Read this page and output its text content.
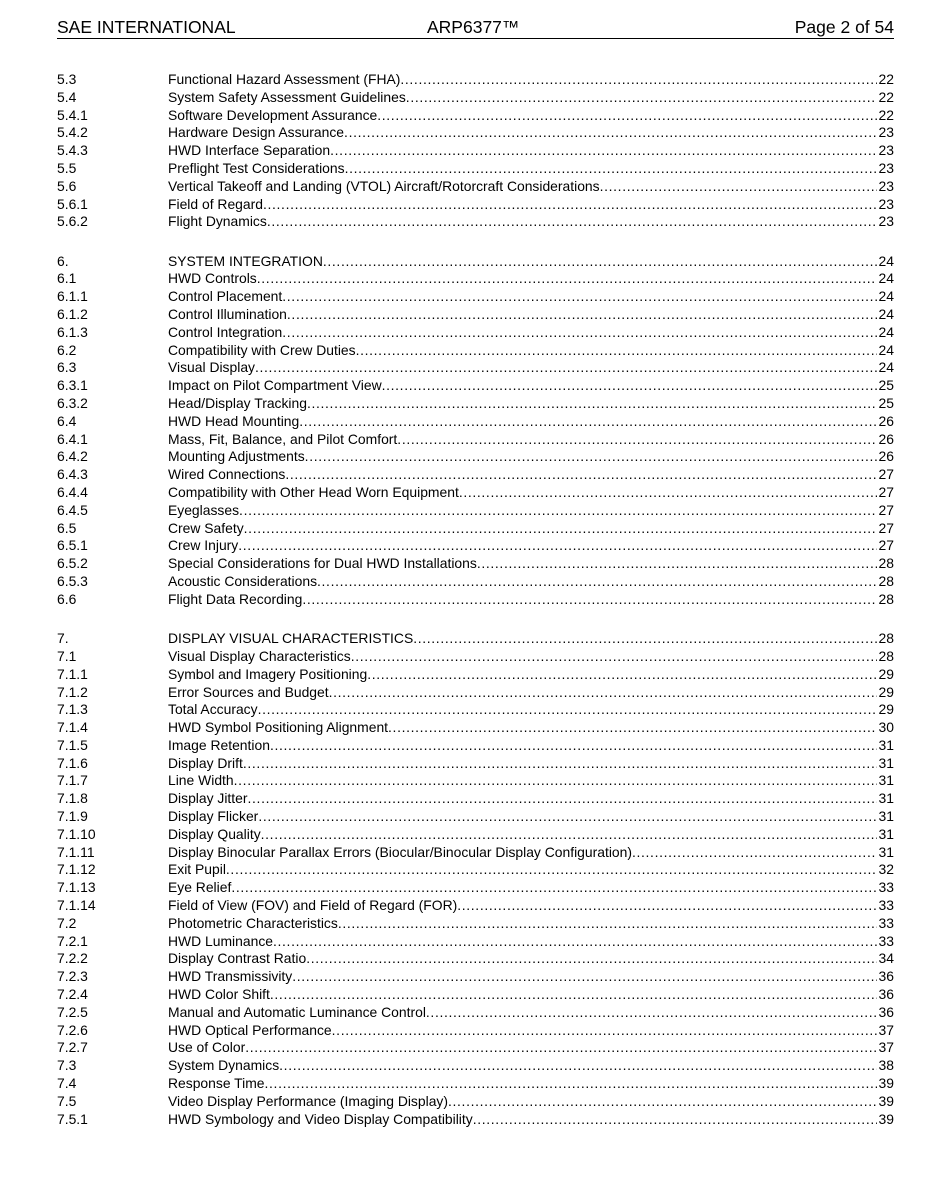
SAE INTERNATIONAL	ARP6377™	Page 2 of 54
5.3	Functional Hazard Assessment (FHA) . . .	22
5.4	System Safety Assessment Guidelines . . .	22
5.4.1	Software Development Assurance . . .	22
5.4.2	Hardware Design Assurance . . .	23
5.4.3	HWD Interface Separation . . .	23
5.5	Preflight Test Considerations . . .	23
5.6	Vertical Takeoff and Landing (VTOL) Aircraft/Rotorcraft Considerations . . .	23
5.6.1	Field of Regard . . .	23
5.6.2	Flight Dynamics . . .	23
6.	SYSTEM INTEGRATION . . .	24
6.1	HWD Controls . . .	24
6.1.1	Control Placement . . .	24
6.1.2	Control Illumination . . .	24
6.1.3	Control Integration . . .	24
6.2	Compatibility with Crew Duties . . .	24
6.3	Visual Display . . .	24
6.3.1	Impact on Pilot Compartment View . . .	25
6.3.2	Head/Display Tracking . . .	25
6.4	HWD Head Mounting . . .	26
6.4.1	Mass, Fit, Balance, and Pilot Comfort . . .	26
6.4.2	Mounting Adjustments . . .	26
6.4.3	Wired Connections . . .	27
6.4.4	Compatibility with Other Head Worn Equipment . . .	27
6.4.5	Eyeglasses . . .	27
6.5	Crew Safety . . .	27
6.5.1	Crew Injury . . .	27
6.5.2	Special Considerations for Dual HWD Installations . . .	28
6.5.3	Acoustic Considerations . . .	28
6.6	Flight Data Recording . . .	28
7.	DISPLAY VISUAL CHARACTERISTICS . . .	28
7.1	Visual Display Characteristics . . .	28
7.1.1	Symbol and Imagery Positioning . . .	29
7.1.2	Error Sources and Budget . . .	29
7.1.3	Total Accuracy . . .	29
7.1.4	HWD Symbol Positioning Alignment . . .	30
7.1.5	Image Retention . . .	31
7.1.6	Display Drift . . .	31
7.1.7	Line Width . . .	31
7.1.8	Display Jitter . . .	31
7.1.9	Display Flicker . . .	31
7.1.10	Display Quality . . .	31
7.1.11	Display Binocular Parallax Errors (Biocular/Binocular Display Configuration) . . .	31
7.1.12	Exit Pupil . . .	32
7.1.13	Eye Relief . . .	33
7.1.14	Field of View (FOV) and Field of Regard (FOR) . . .	33
7.2	Photometric Characteristics . . .	33
7.2.1	HWD Luminance . . .	33
7.2.2	Display Contrast Ratio . . .	34
7.2.3	HWD Transmissivity . . .	36
7.2.4	HWD Color Shift . . .	36
7.2.5	Manual and Automatic Luminance Control . . .	36
7.2.6	HWD Optical Performance . . .	37
7.2.7	Use of Color . . .	37
7.3	System Dynamics . . .	38
7.4	Response Time . . .	39
7.5	Video Display Performance (Imaging Display) . . .	39
7.5.1	HWD Symbology and Video Display Compatibility . . .	39
